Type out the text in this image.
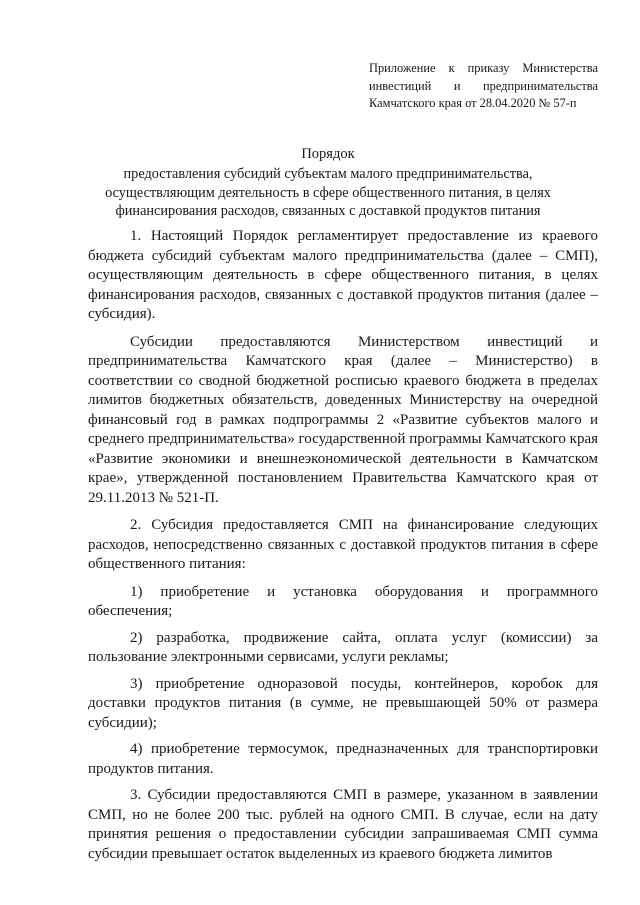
Приложение к приказу Министерства
инвестиций и предпринимательства
Камчатского края от 28.04.2020 № 57-п
Порядок
предоставления субсидий субъектам малого предпринимательства,
осуществляющим деятельность в сфере общественного питания, в целях
финансирования расходов, связанных с доставкой продуктов питания

1. Настоящий Порядок регламентирует предоставление из краевого бюджета субсидий субъектам малого предпринимательства (далее – СМП), осуществляющим деятельность в сфере общественного питания, в целях финансирования расходов, связанных с доставкой продуктов питания (далее – субсидия).

Субсидии предоставляются Министерством инвестиций и предпринимательства Камчатского края (далее – Министерство) в соответствии со сводной бюджетной росписью краевого бюджета в пределах лимитов бюджетных обязательств, доведенных Министерству на очередной финансовый год в рамках подпрограммы 2 «Развитие субъектов малого и среднего предпринимательства» государственной программы Камчатского края «Развитие экономики и внешнеэкономической деятельности в Камчатском крае», утвержденной постановлением Правительства Камчатского края от 29.11.2013 № 521-П.

2. Субсидия предоставляется СМП на финансирование следующих расходов, непосредственно связанных с доставкой продуктов питания в сфере общественного питания:

1) приобретение и установка оборудования и программного обеспечения;

2) разработка, продвижение сайта, оплата услуг (комиссии) за пользование электронными сервисами, услуги рекламы;

3) приобретение одноразовой посуды, контейнеров, коробок для доставки продуктов питания (в сумме, не превышающей 50% от размера субсидии);

4) приобретение термосумок, предназначенных для транспортировки продуктов питания.

3. Субсидии предоставляются СМП в размере, указанном в заявлении СМП, но не более 200 тыс. рублей на одного СМП. В случае, если на дату принятия решения о предоставлении субсидии запрашиваемая СМП сумма субсидии превышает остаток выделенных из краевого бюджета лимитов
